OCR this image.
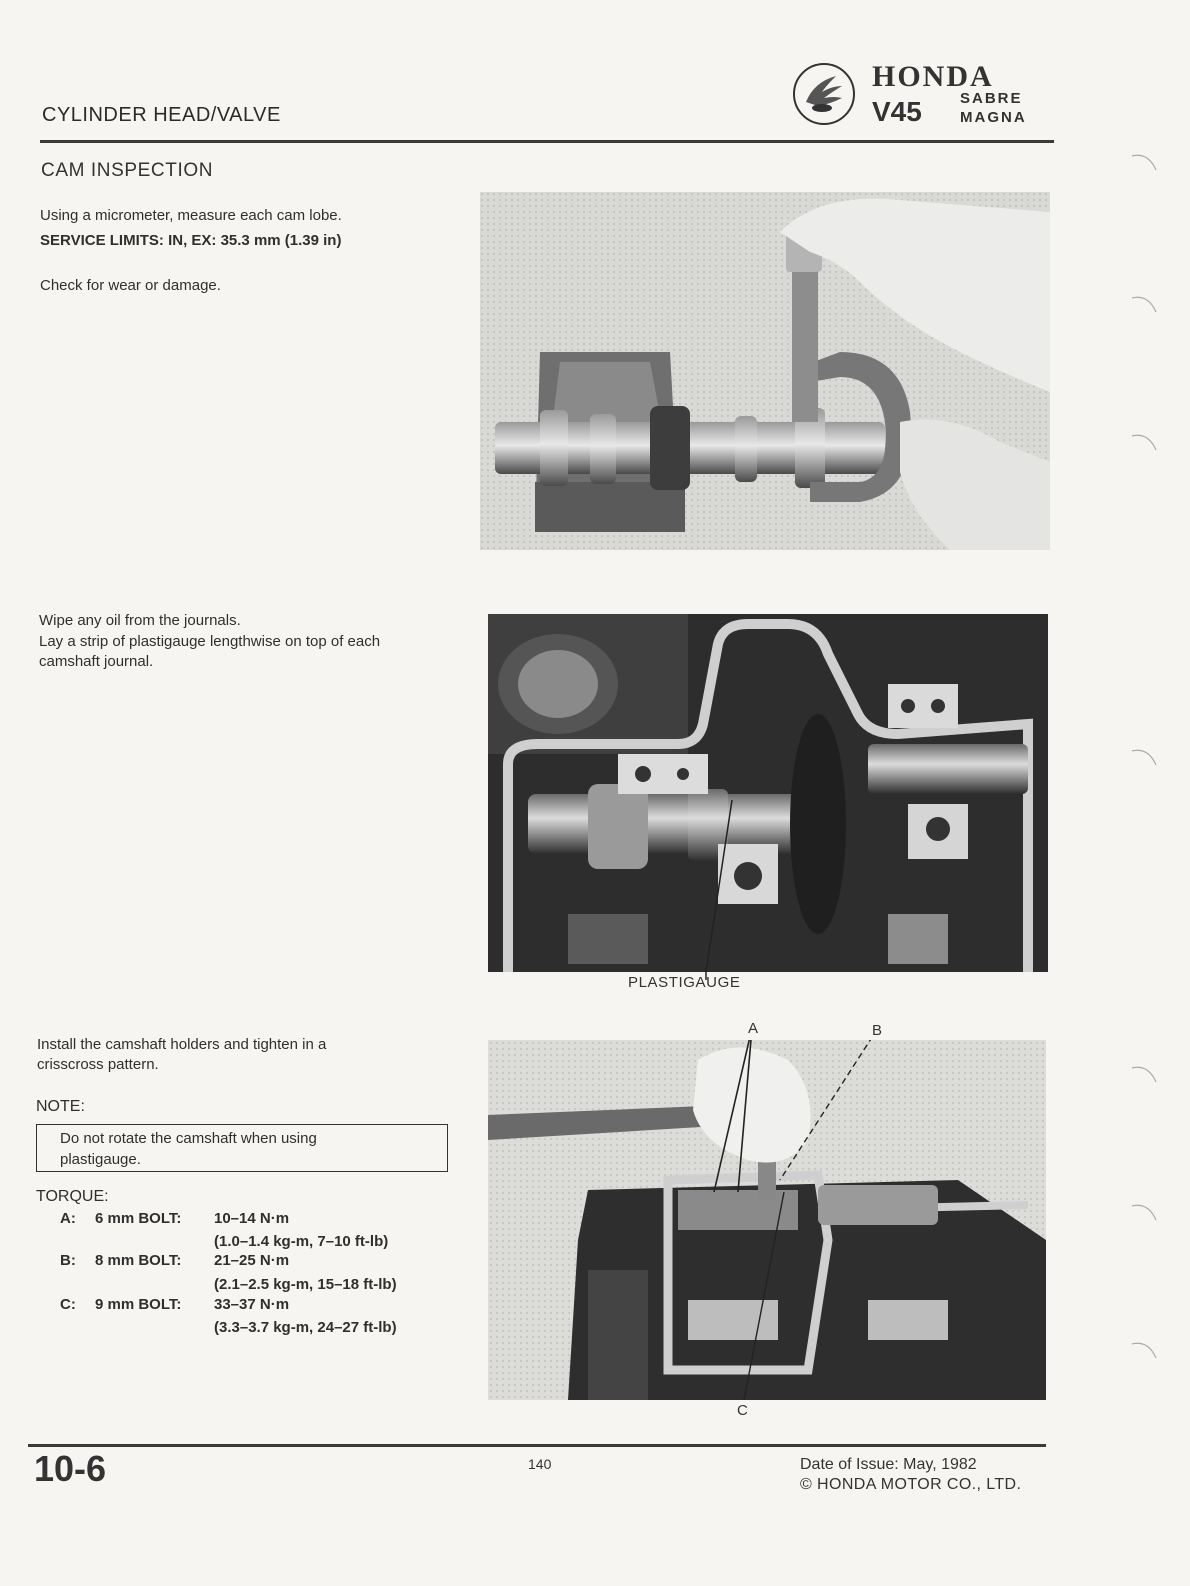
CYLINDER HEAD/VALVE
HONDA
V45	SABRE
MAGNA
CAM INSPECTION
Using a micrometer, measure each cam lobe.
SERVICE LIMITS: IN, EX: 35.3 mm (1.39 in)
Check for wear or damage.
Wipe any oil from the journals.
Lay a strip of plastigauge lengthwise on top of each
camshaft journal.
PLASTIGAUGE
Install the camshaft holders and tighten in a
crisscross pattern.
NOTE:
Do not rotate the camshaft when using
plastigauge.
TORQUE:
A: 6 mm BOLT: 10–14 N·m
(1.0–1.4 kg-m, 7–10 ft-lb)
B: 8 mm BOLT: 21–25 N·m
(2.1–2.5 kg-m, 15–18 ft-lb)
C: 9 mm BOLT: 33–37 N·m
(3.3–3.7 kg-m, 24–27 ft-lb)
A	B
C
10-6	140	Date of Issue: May, 1982
© HONDA MOTOR CO., LTD.
